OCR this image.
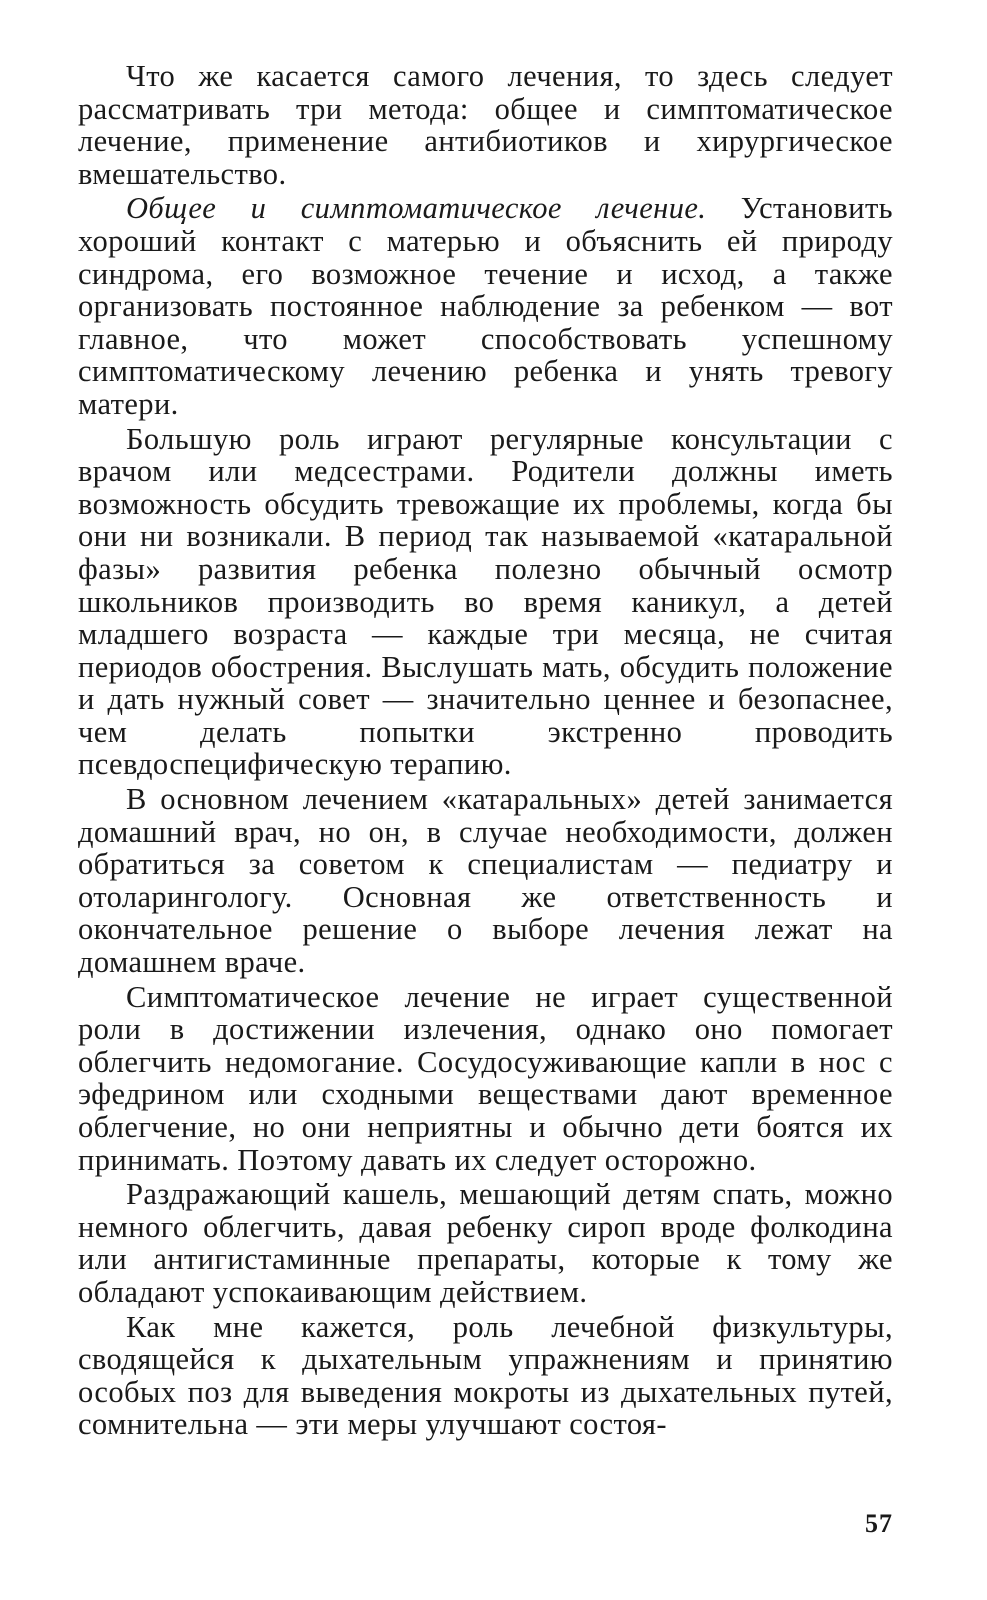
Что же касается самого лечения, то здесь следует рассматривать три метода: общее и симптоматическое лечение, применение антибиотиков и хирургическое вмешательство.

Общее и симптоматическое лечение. Установить хороший контакт с матерью и объяснить ей природу синдрома, его возможное течение и исход, а также организовать постоянное наблюдение за ребенком — вот главное, что может способствовать успешному симптоматическому лечению ребенка и унять тревогу матери.

Большую роль играют регулярные консультации с врачом или медсестрами. Родители должны иметь возможность обсудить тревожащие их проблемы, когда бы они ни возникали. В период так называемой «катаральной фазы» развития ребенка полезно обычный осмотр школьников производить во время каникул, а детей младшего возраста — каждые три месяца, не считая периодов обострения. Выслушать мать, обсудить положение и дать нужный совет — значительно ценнее и безопаснее, чем делать попытки экстренно проводить псевдоспецифическую терапию.

В основном лечением «катаральных» детей занимается домашний врач, но он, в случае необходимости, должен обратиться за советом к специалистам — педиатру и отоларингологу. Основная же ответственность и окончательное решение о выборе лечения лежат на домашнем враче.

Симптоматическое лечение не играет существенной роли в достижении излечения, однако оно помогает облегчить недомогание. Сосудосуживающие капли в нос с эфедрином или сходными веществами дают временное облегчение, но они неприятны и обычно дети боятся их принимать. Поэтому давать их следует осторожно.

Раздражающий кашель, мешающий детям спать, можно немного облегчить, давая ребенку сироп вроде фолкодина или антигистаминные препараты, которые к тому же обладают успокаивающим действием.

Как мне кажется, роль лечебной физкультуры, сводящейся к дыхательным упражнениям и принятию особых поз для выведения мокроты из дыхательных путей, сомнительна — эти меры улучшают состоя-

57
